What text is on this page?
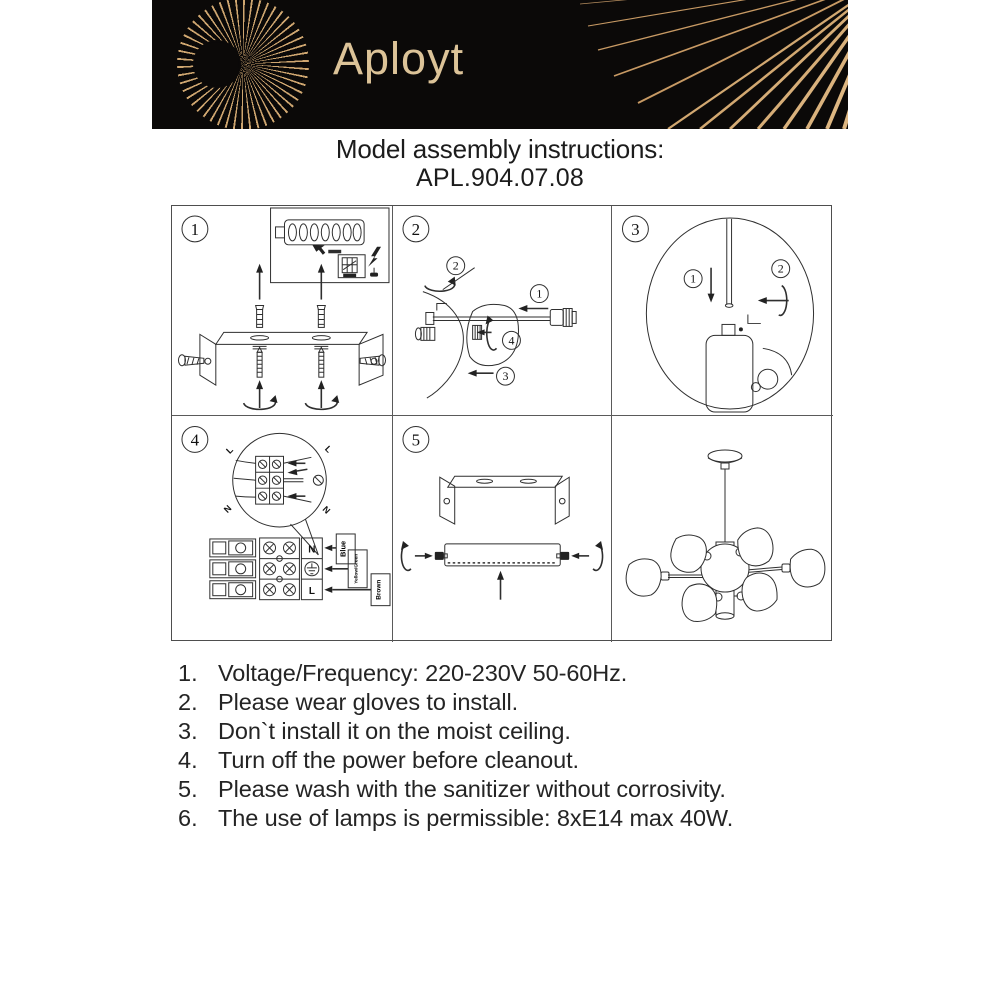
Aployt
Model assembly instructions:
APL.904.07.08
1	2
1
2
4
3
3
1
2
4
L	L
N	N
N
L
Blue
Yellow/Green
Brown
5
1. Voltage/Frequency: 220-230V 50-60Hz.
2. Please wear gloves to install.
3. Don`t install it on the moist ceiling.
4. Turn off the power before cleanout.
5. Please wash with the sanitizer without corrosivity.
6. The use of lamps is permissible: 8xE14 max 40W.
